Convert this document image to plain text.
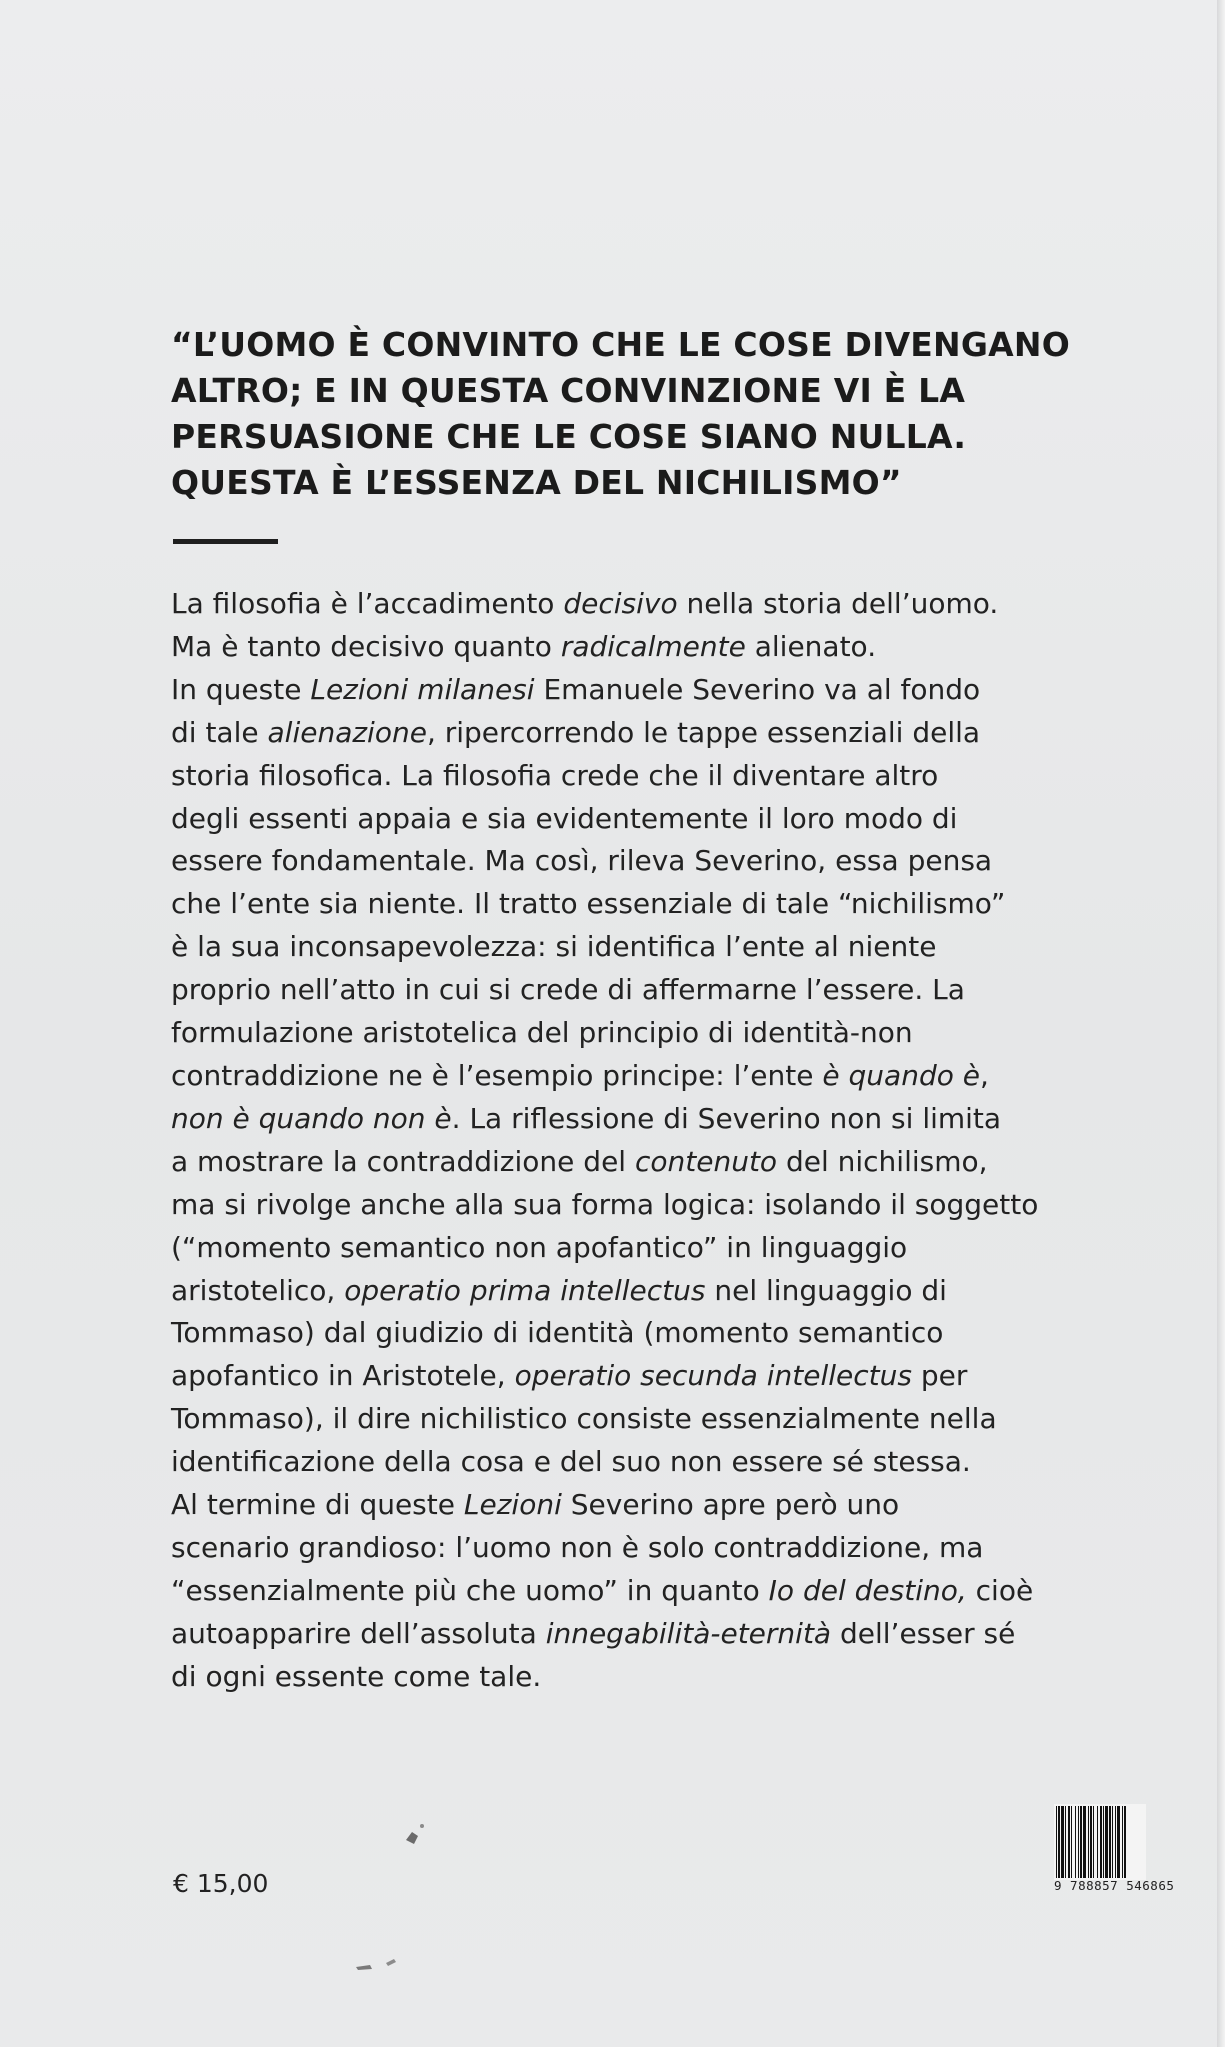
“L’UOMO È CONVINTO CHE LE COSE DIVENGANO
ALTRO; E IN QUESTA CONVINZIONE VI È LA
PERSUASIONE CHE LE COSE SIANO NULLA.
QUESTA È L’ESSENZA DEL NICHILISMO”
La filosofia è l’accadimento decisivo nella storia dell’uomo.
Ma è tanto decisivo quanto radicalmente alienato.
In queste Lezioni milanesi Emanuele Severino va al fondo
di tale alienazione, ripercorrendo le tappe essenziali della
storia filosofica. La filosofia crede che il diventare altro
degli essenti appaia e sia evidentemente il loro modo di
essere fondamentale. Ma così, rileva Severino, essa pensa
che l’ente sia niente. Il tratto essenziale di tale “nichilismo”
è la sua inconsapevolezza: si identifica l’ente al niente
proprio nell’atto in cui si crede di affermarne l’essere. La
formulazione aristotelica del principio di identità-non
contraddizione ne è l’esempio principe: l’ente è quando è,
non è quando non è. La riflessione di Severino non si limita
a mostrare la contraddizione del contenuto del nichilismo,
ma si rivolge anche alla sua forma logica: isolando il soggetto
(“momento semantico non apofantico” in linguaggio
aristotelico, operatio prima intellectus nel linguaggio di
Tommaso) dal giudizio di identità (momento semantico
apofantico in Aristotele, operatio secunda intellectus per
Tommaso), il dire nichilistico consiste essenzialmente nella
identificazione della cosa e del suo non essere sé stessa.
Al termine di queste Lezioni Severino apre però uno
scenario grandioso: l’uomo non è solo contraddizione, ma
“essenzialmente più che uomo” in quanto Io del destino, cioè
autoapparire dell’assoluta innegabilità-eternità dell’esser sé
di ogni essente come tale.
€ 15,00	9 788857 546865
